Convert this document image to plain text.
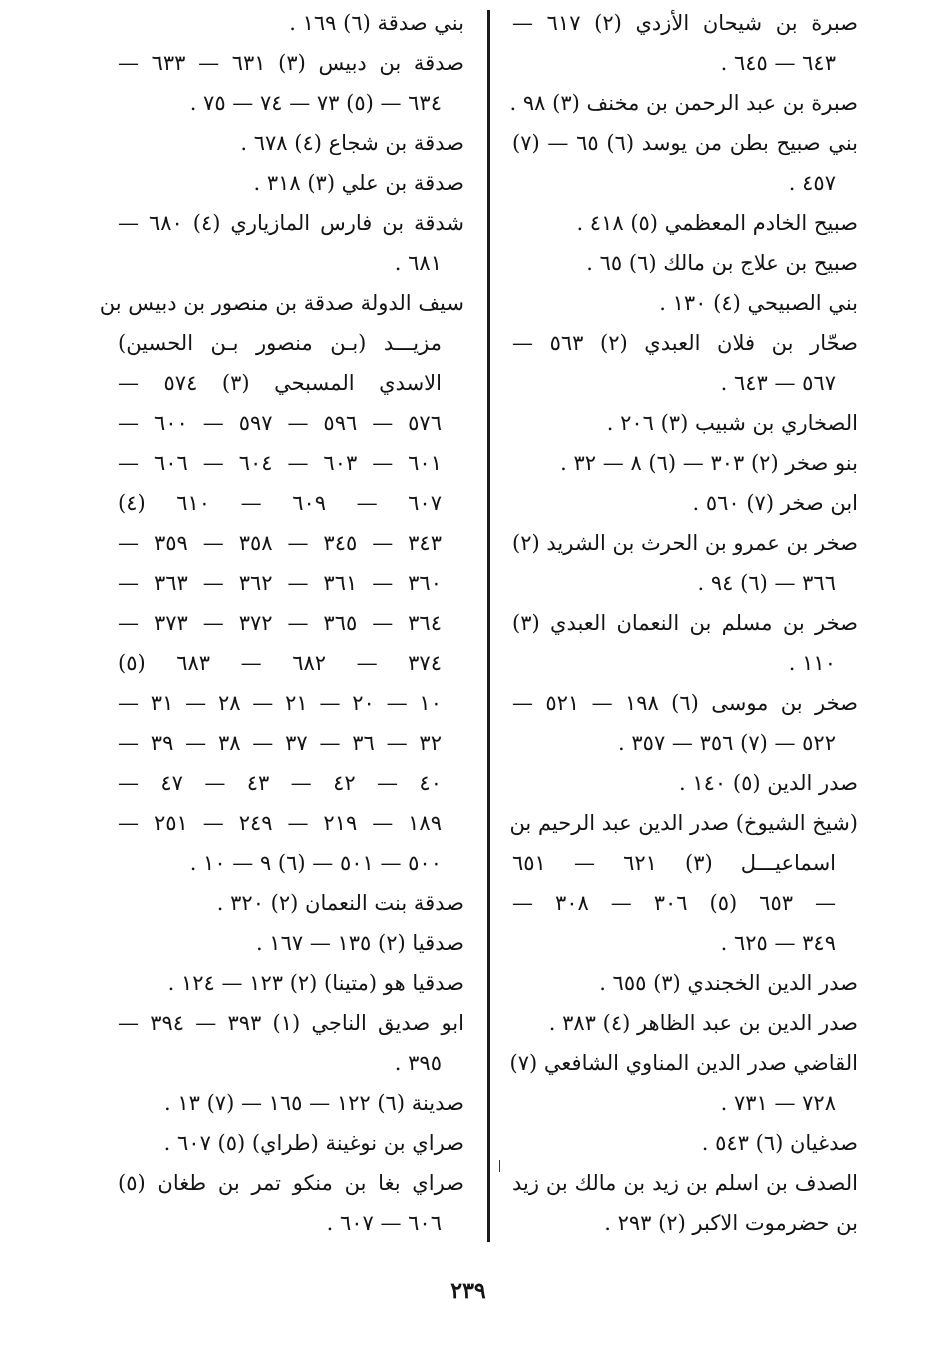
صبرة بن شيحان الأزدي (٢) ٦١٧ —
٦٤٣ — ٦٤٥ .
صبرة بن عبد الرحمن بن مخنف (٣) ٩٨ .
بني صبيح بطن من يوسد (٦) ٦٥ — (٧)
٤٥٧ .
صبيح الخادم المعظمي (٥) ٤١٨ .
صبيح بن علاج بن مالك (٦) ٦٥ .
بني الصبيحي (٤) ١٣٠ .
صحّار بن فلان العبدي (٢) ٥٦٣ —
٥٦٧ — ٦٤٣ .
الصخاري بن شبيب (٣) ٢٠٦ .
بنو صخر (٢) ٣٠٣ — (٦) ٨ — ٣٢ .
ابن صخر (٧) ٥٦٠ .
صخر بن عمرو بن الحرث بن الشريد (٢)
٣٦٦ — (٦) ٩٤ .
صخر بن مسلم بن النعمان العبدي (٣)
١١٠ .
صخر بن موسى (٦) ١٩٨ — ٥٢١ —
٥٢٢ — (٧) ٣٥٦ — ٣٥٧ .
صدر الدين (٥) ١٤٠ .
(شيخ الشيوخ) صدر الدين عبد الرحيم بن
اسماعيـــل (٣) ٦٢١ — ٦٥١
— ٦٥٣ (٥) ٣٠٦ — ٣٠٨ —
٣٤٩ — ٦٢٥ .
صدر الدين الخجندي (٣) ٦٥٥ .
صدر الدين بن عبد الظاهر (٤) ٣٨٣ .
القاضي صدر الدين المناوي الشافعي (٧)
٧٢٨ — ٧٣١ .
صدغيان (٦) ٥٤٣ .
الصدف بن اسلم بن زيد بن مالك بن زيد
بن حضرموت الاكبر (٢) ٢٩٣ .
بني صدقة (٦) ١٦٩ .
صدقة بن دبيس (٣) ٦٣١ — ٦٣٣ —
٦٣٤ — (٥) ٧٣ — ٧٤ — ٧٥ .
صدقة بن شجاع (٤) ٦٧٨ .
صدقة بن علي (٣) ٣١٨ .
شدقة بن فارس المازياري (٤) ٦٨٠ —
٦٨١ .
سيف الدولة صدقة بن منصور بن دبيس بن
مزيـــد (بـن منصور بـن الحسين)
الاسدي المسبحي (٣) ٥٧٤ —
٥٧٦ — ٥٩٦ — ٥٩٧ — ٦٠٠ —
٦٠١ — ٦٠٣ — ٦٠٤ — ٦٠٦ —
٦٠٧ — ٦٠٩ — ٦١٠ (٤)
٣٤٣ — ٣٤٥ — ٣٥٨ — ٣٥٩ —
٣٦٠ — ٣٦١ — ٣٦٢ — ٣٦٣ —
٣٦٤ — ٣٦٥ — ٣٧٢ — ٣٧٣ —
٣٧٤ — ٦٨٢ — ٦٨٣ (٥)
١٠ — ٢٠ — ٢١ — ٢٨ — ٣١ —
٣٢ — ٣٦ — ٣٧ — ٣٨ — ٣٩ —
٤٠ — ٤٢ — ٤٣ — ٤٧ —
١٨٩ — ٢١٩ — ٢٤٩ — ٢٥١ —
٥٠٠ — ٥٠١ — (٦) ٩ — ١٠ .
صدقة بنت النعمان (٢) ٣٢٠ .
صدقيا (٢) ١٣٥ — ١٦٧ .
صدقيا هو (متينا) (٢) ١٢٣ — ١٢٤ .
ابو صديق الناجي (١) ٣٩٣ — ٣٩٤ —
٣٩٥ .
صدينة (٦) ١٢٢ — ١٦٥ — (٧) ١٣ .
صراي بن نوغينة (طراي) (٥) ٦٠٧ .
صراي بغا بن منكو تمر بن طغان (٥)
٦٠٦ — ٦٠٧ .
٢٣٩
